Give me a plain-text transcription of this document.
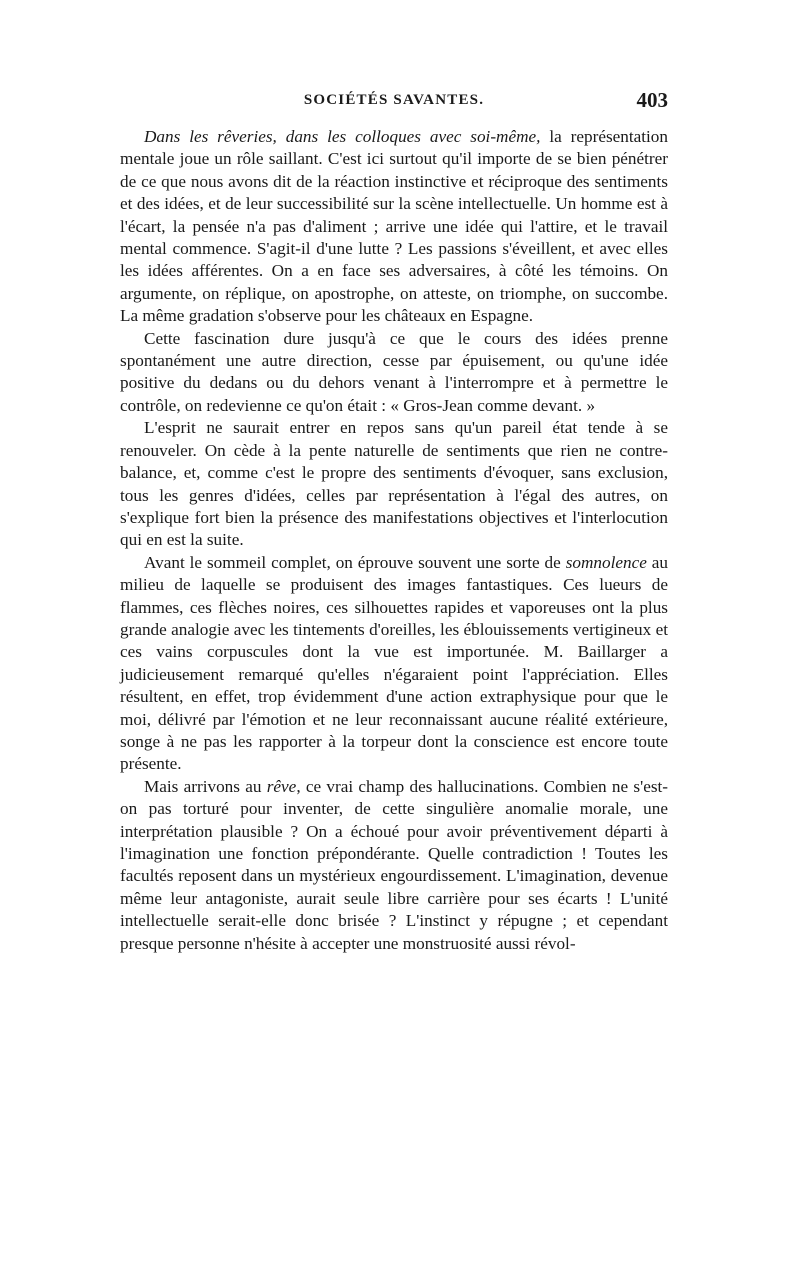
SOCIÉTÉS SAVANTES.	403

Dans les rêveries, dans les colloques avec soi-même, la représentation mentale joue un rôle saillant. C'est ici surtout qu'il importe de se bien pénétrer de ce que nous avons dit de la réaction instinctive et réciproque des sentiments et des idées, et de leur successibilité sur la scène intellectuelle. Un homme est à l'écart, la pensée n'a pas d'aliment ; arrive une idée qui l'attire, et le travail mental commence. S'agit-il d'une lutte ? Les passions s'éveillent, et avec elles les idées afférentes. On a en face ses adversaires, à côté les témoins. On argumente, on réplique, on apostrophe, on atteste, on triomphe, on succombe. La même gradation s'observe pour les châteaux en Espagne.

Cette fascination dure jusqu'à ce que le cours des idées prenne spontanément une autre direction, cesse par épuisement, ou qu'une idée positive du dedans ou du dehors venant à l'interrompre et à permettre le contrôle, on redevienne ce qu'on était : « Gros-Jean comme devant. »

L'esprit ne saurait entrer en repos sans qu'un pareil état tende à se renouveler. On cède à la pente naturelle de sentiments que rien ne contre-balance, et, comme c'est le propre des sentiments d'évoquer, sans exclusion, tous les genres d'idées, celles par représentation à l'égal des autres, on s'explique fort bien la présence des manifestations objectives et l'interlocution qui en est la suite.

Avant le sommeil complet, on éprouve souvent une sorte de somnolence au milieu de laquelle se produisent des images fantastiques. Ces lueurs de flammes, ces flèches noires, ces silhouettes rapides et vaporeuses ont la plus grande analogie avec les tintements d'oreilles, les éblouissements vertigineux et ces vains corpuscules dont la vue est importunée. M. Baillarger a judicieusement remarqué qu'elles n'égaraient point l'appréciation. Elles résultent, en effet, trop évidemment d'une action extraphysique pour que le moi, délivré par l'émotion et ne leur reconnaissant aucune réalité extérieure, songe à ne pas les rapporter à la torpeur dont la conscience est encore toute présente.

Mais arrivons au rêve, ce vrai champ des hallucinations. Combien ne s'est-on pas torturé pour inventer, de cette singulière anomalie morale, une interprétation plausible ? On a échoué pour avoir préventivement départi à l'imagination une fonction prépondérante. Quelle contradiction ! Toutes les facultés reposent dans un mystérieux engourdissement. L'imagination, devenue même leur antagoniste, aurait seule libre carrière pour ses écarts ! L'unité intellectuelle serait-elle donc brisée ? L'instinct y répugne ; et cependant presque personne n'hésite à accepter une monstruosité aussi révol-
